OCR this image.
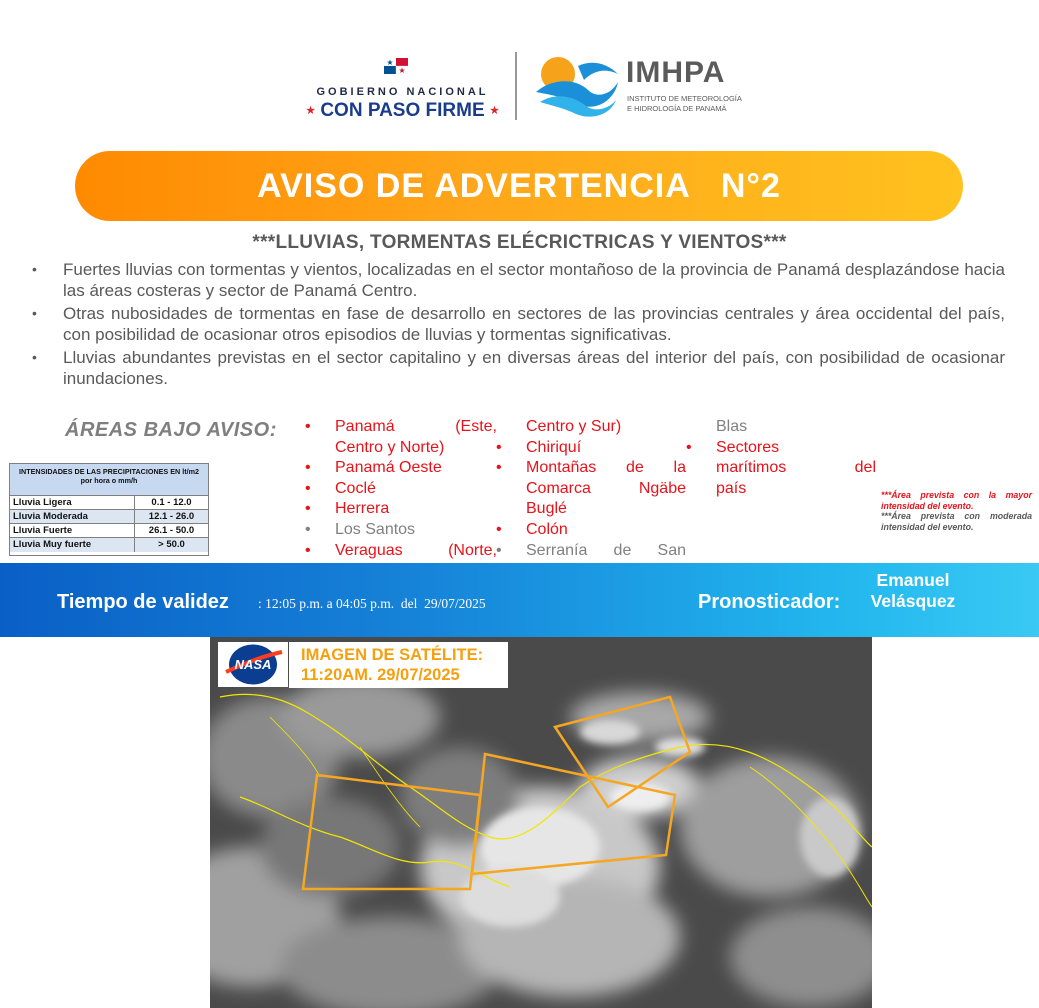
GOBIERNO NACIONAL
★ CON PASO FIRME ★
IMHPA
INSTITUTO DE METEOROLOGÍA
E HIDROLOGÍA DE PANAMÁ
AVISO DE ADVERTENCIA   N°2
***LLUVIAS, TORMENTAS ELÉCRICTRICAS Y VIENTOS***
• Fuertes lluvias con tormentas y vientos, localizadas en el sector montañoso de la provincia de Panamá desplazándose hacia las áreas costeras y sector de Panamá Centro.
• Otras nubosidades de tormentas en fase de desarrollo en sectores de las provincias centrales y área occidental del país, con posibilidad de ocasionar otros episodios de lluvias y tormentas significativas.
• Lluvias abundantes previstas en el sector capitalino y en diversas áreas del interior del país, con posibilidad de ocasionar inundaciones.
ÁREAS BAJO AVISO: • Panamá (Este,
Centro y Norte)
• Panamá Oeste
• Coclé
• Herrera
• Los Santos
• Veraguas (Norte,
Centro y Sur)
• Chiriquí
• Montañas de la
Comarca Ngäbe
Buglé
• Colón
• Serranía de San
Blas
• Sectores
marítimos del
país
INTENSIDADES DE LAS PRECIPITACIONES EN lt/m2 por hora o mm/h
Lluvia Ligera	0.1 - 12.0
Lluvia Moderada	12.1 - 26.0
Lluvia Fuerte	26.1 - 50.0
Lluvia Muy fuerte	> 50.0
***Área prevista con la mayor intensidad del evento.
***Área prevista con moderada intensidad del evento.
Tiempo de validez : 12:05 p.m. a 04:05 p.m.  del  29/07/2025	Pronosticador:
Emanuel
Velásquez
NASA
IMAGEN DE SATÉLITE:
11:20AM. 29/07/2025
